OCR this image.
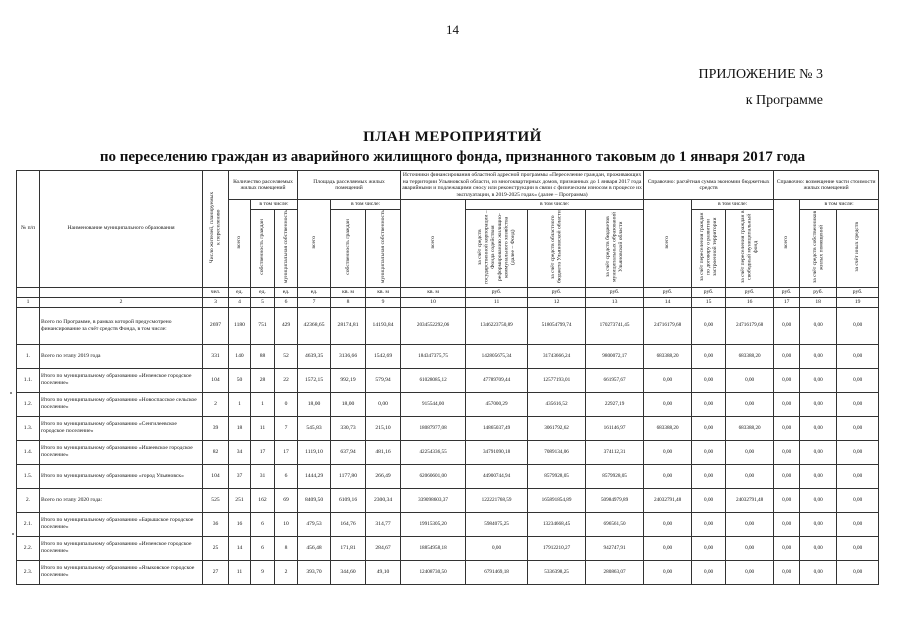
14
ПРИЛОЖЕНИЕ № 3
к Программе
ПЛАН МЕРОПРИЯТИЙ
по переселению граждан из аварийного жилищного фонда, признанного таковым до 1 января 2017 года
№ п/п	Наименование муниципального образования	Число жителей, планируемых к переселению	Количество расселяемых жилых помещений			Площадь расселяемых жилых помещений			Источники финансирования областной адресной программы «Переселение граждан, проживающих на территории Ульяновской области, из многоквартирных домов, признанных до 1 января 2017 года аварийными и подлежащими сносу или реконструкции в связи с физическим износом в процессе их эксплуатации, в 2019-2025 годах» (далее – Программа)				Справочно: расчётная сумма экономии бюджетных средств			Справочно: возмещение части стоимости жилых помещений		
			всего	в том числе:		всего	в том числе:		всего	в том числе:			всего	в том числе:		всего	в том числе:	
				собственность граждан	муниципальная собственность		собственность граждан	муниципальная собственность		за счёт средств государственной корпорации – Фонда содействия реформированию жилищно-коммунального хозяйства (далее – Фонд)	за счёт средств областного бюджета Ульяновской области	за счёт средств бюджетов муниципальных образований Ульяновской области		за счёт переселения граждан по договору о развитии застроенной территории	за счёт переселения граждан в свободный муниципальный фонд		за счёт средств собственников жилых помещений	за счёт иных средств
		чел.	ед.	ед.	ед.	ед.	кв. м	кв. м	кв. м	руб.	руб.	руб.	руб.	руб.	руб.	руб.	руб.	руб.
1	2	3	4	5	6	7	8	9	10	11	12	13	14	15	16	17	18	19
	Всего по Программе, в рамках которой предусмотрено финансирование за счёт средств Фонда, в том числе:	2697	1180	751	429	42368,65	28174,81	14193,84	2034552292,06	1346223750,89	518054799,74	170273741,45	24716179,68	0,00	24716179,68	0,00	0,00	0,00
1.	Всего по этапу 2019 года	331	140	88	52	4639,35	3136,66	1542,69	184347375,75	142805675,34	31743666,24	9800072,17	683388,20	0,00	683388,20	0,00	0,00	0,00
1.1.	Итого по муниципальному образованию «Инзенское городское поселение»	104	50	28	22	1572,15	992,19	579,94	61028085,12	47789709,44	12577193,01	661957,67	0,00	0,00	0,00	0,00	0,00	0,00
1.2.	Итого по муниципальному образованию «Новоспасское сельское поселение»	2	1	1	0	18,00	18,00	0,00	915544,00	457000,29	435616,52	22927,19	0,00	0,00	0,00	0,00	0,00	0,00
1.3.	Итого по муниципальному образованию «Сенгилеевское городское поселение»	39	18	11	7	545,83	330,73	215,10	18087977,08	14865037,49	3061792,62	161146,97	683388,20	0,00	683388,20	0,00	0,00	0,00
1.4.	Итого по муниципальному образованию «Ишеевское городское поселение»	82	34	17	17	1119,10	637,94	481,16	42254336,55	34791090,18	7089134,06	374112,31	0,00	0,00	0,00	0,00	0,00	0,00
1.5.	Итого по муниципальному образованию «город Ульяновск»	104	37	31	6	1444,29	1177,80	266,49	62060601,00	44900744,94	8579928,05	8579928,05	0,00	0,00	0,00	0,00	0,00	0,00
2.	Всего по этапу 2020 года:	525	251	162	69	8409,50	6109,16	2300,34	339098603,37	122221768,59	165891854,89	50984979,89	24032791,48	0,00	24032791,48	0,00	0,00	0,00
2.1.	Итого по муниципальному образованию «Барышское городское поселение»	36	16	6	10	479,53	164,76	314,77	19915305,20	5984075,25	13234668,45	696561,50	0,00	0,00	0,00	0,00	0,00	0,00
2.2.	Итого по муниципальному образованию «Инзенское городское поселение»	25	14	6	8	456,48	171,81	284,67	18854958,18	0,00	17912210,27	942747,91	0,00	0,00	0,00	0,00	0,00	0,00
2.3.	Итого по муниципальному образованию «Языковское городское поселение»	27	11	9	2	393,70	344,60	49,10	12408730,50	6791469,18	5336398,25	280863,07	0,00	0,00	0,00	0,00	0,00	0,00
